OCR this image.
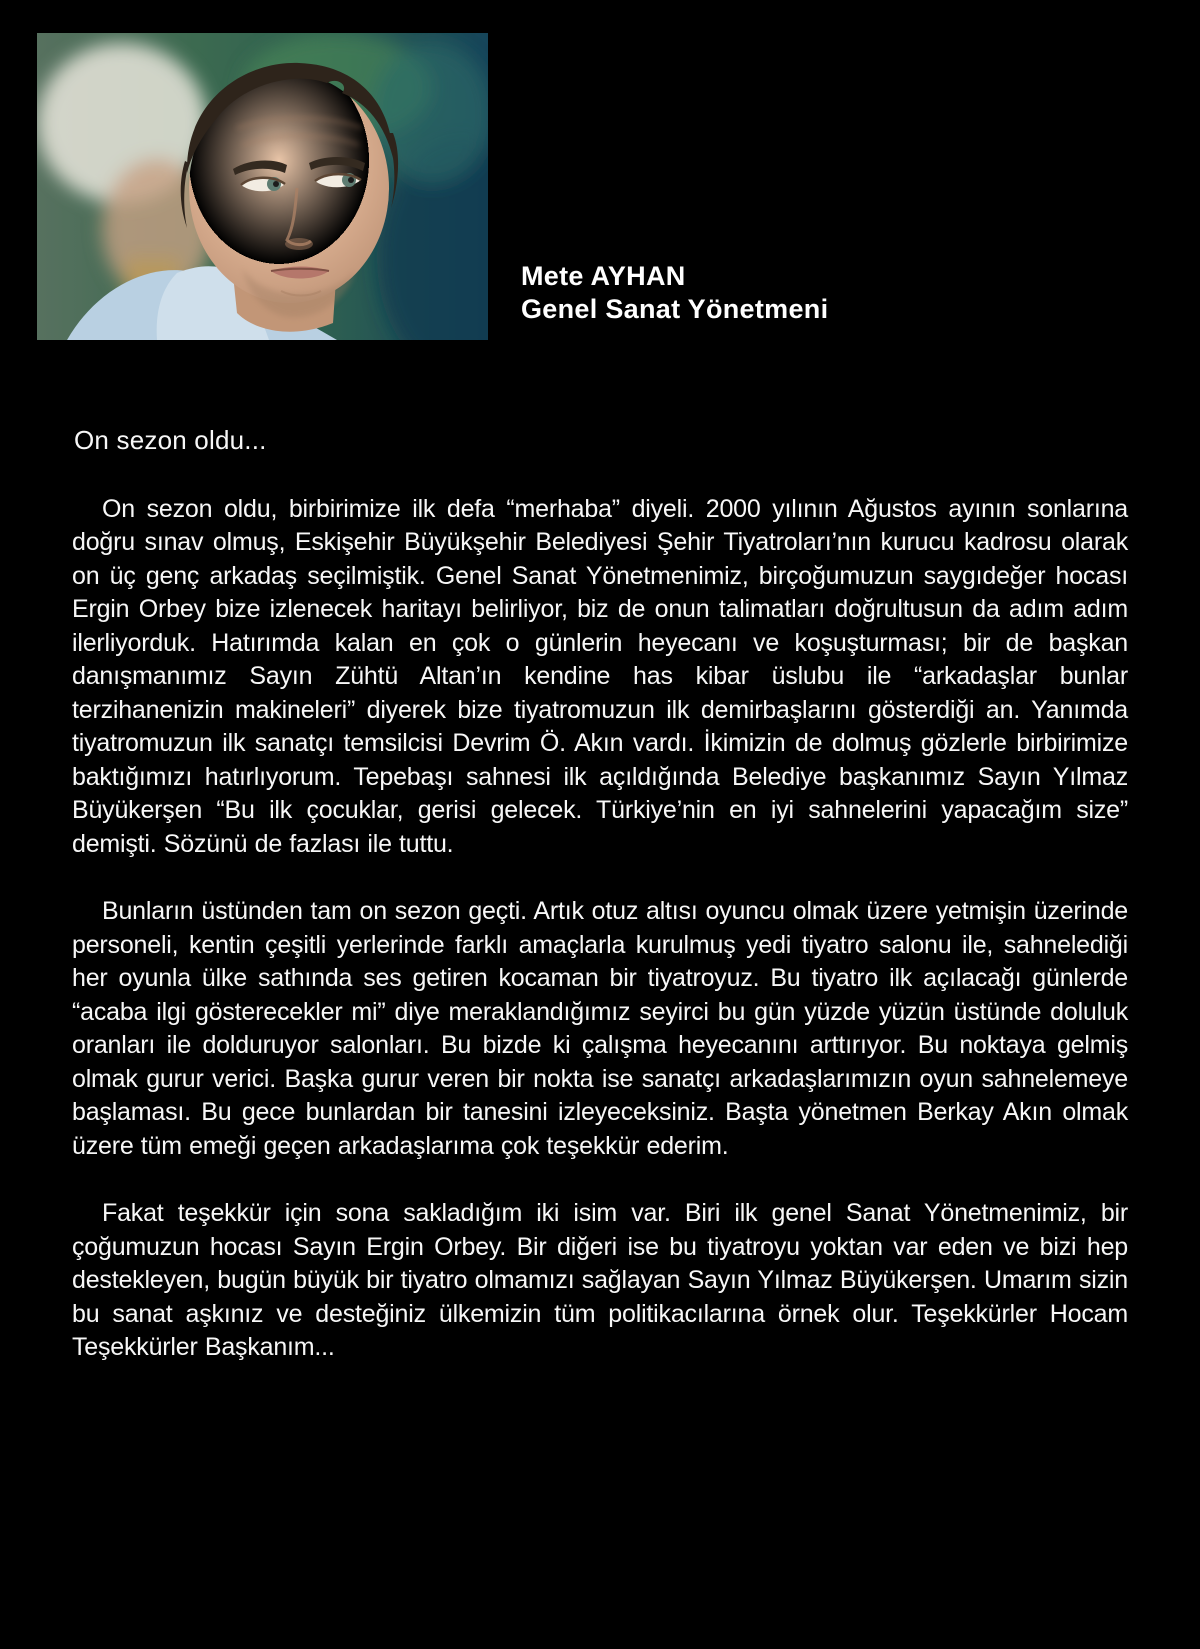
Mete AYHAN
Genel Sanat Yönetmeni
On sezon oldu...

On sezon oldu, birbirimize ilk defa “merhaba” diyeli. 2000 yılının Ağustos ayının sonlarına doğru sınav olmuş, Eskişehir Büyükşehir Belediyesi Şehir Tiyatroları’nın kurucu kadrosu olarak on üç genç arkadaş seçilmiştik. Genel Sanat Yönetmenimiz, birçoğumuzun saygıdeğer hocası Ergin Orbey bize izlenecek haritayı belirliyor, biz de onun talimatları doğrultusun da adım adım ilerliyorduk. Hatırımda kalan en çok o günlerin heyecanı ve koşuşturması; bir de başkan danışmanımız Sayın Zühtü Altan’ın kendine has kibar üslubu ile “arkadaşlar bunlar terzihanenizin makineleri” diyerek bize tiyatromuzun ilk demirbaşlarını gösterdiği an. Yanımda tiyatromuzun ilk sanatçı temsilcisi Devrim Ö. Akın vardı. İkimizin de dolmuş gözlerle birbirimize baktığımızı hatırlıyorum. Tepebaşı sahnesi ilk açıldığında Belediye başkanımız Sayın Yılmaz Büyükerşen “Bu ilk çocuklar, gerisi gelecek. Türkiye’nin en iyi sahnelerini yapacağım size” demişti. Sözünü de fazlası ile tuttu.

Bunların üstünden tam on sezon geçti. Artık otuz altısı oyuncu olmak üzere yetmişin üzerinde personeli, kentin çeşitli yerlerinde farklı amaçlarla kurulmuş yedi tiyatro salonu ile, sahnelediği her oyunla ülke sathında ses getiren kocaman bir tiyatroyuz. Bu tiyatro ilk açılacağı günlerde “acaba ilgi gösterecekler mi” diye meraklandığımız seyirci bu gün yüzde yüzün üstünde doluluk oranları ile dolduruyor salonları. Bu bizde ki çalışma heyecanını arttırıyor. Bu noktaya gelmiş olmak gurur verici. Başka gurur veren bir nokta ise sanatçı arkadaşlarımızın oyun sahnelemeye başlaması. Bu gece bunlardan bir tanesini izleyeceksiniz. Başta yönetmen Berkay Akın olmak üzere tüm emeği geçen arkadaşlarıma çok teşekkür ederim.

Fakat teşekkür için sona sakladığım iki isim var. Biri ilk genel Sanat Yönetmenimiz, bir çoğumuzun hocası Sayın Ergin Orbey. Bir diğeri ise bu tiyatroyu yoktan var eden ve bizi hep destekleyen, bugün büyük bir tiyatro olmamızı sağlayan Sayın Yılmaz Büyükerşen. Umarım sizin bu sanat aşkınız ve desteğiniz ülkemizin tüm politikacılarına örnek olur. Teşekkürler Hocam Teşekkürler Başkanım...
